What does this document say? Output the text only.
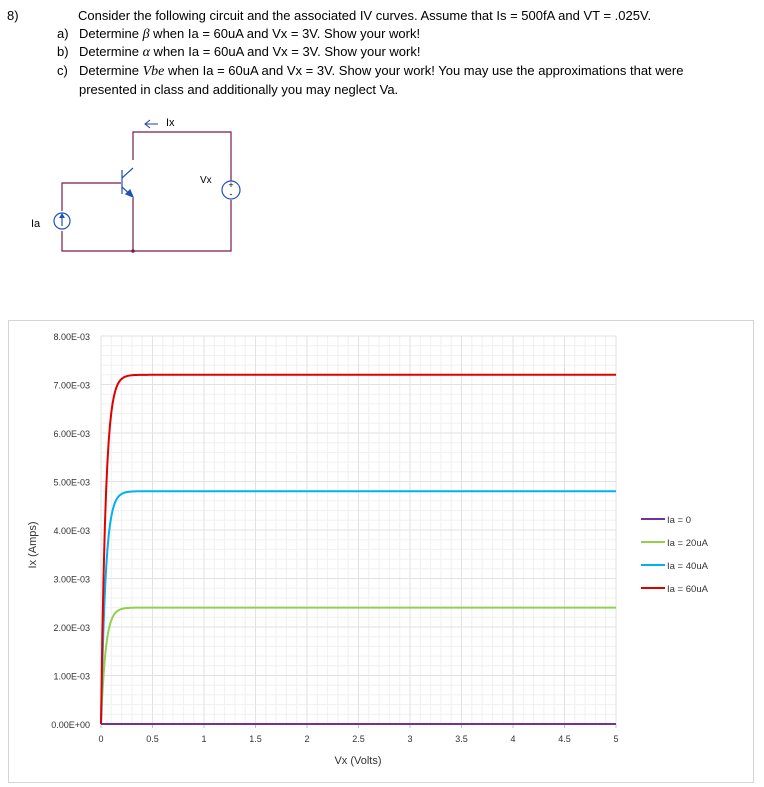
8)	Consider the following circuit and the associated IV curves. Assume that Is = 500fA and VT = .025V.
a) Determine β when Ia = 60uA and Vx = 3V. Show your work!
b) Determine α when Ia = 60uA and Vx = 3V. Show your work!
c) Determine Vbe when Ia = 60uA and Vx = 3V. Show your work! You may use the approximations that were
presented in class and additionally you may neglect Va.
+
-
Ix
Vx
Ia
0.00E+00
1.00E-03
2.00E-03
3.00E-03
4.00E-03
5.00E-03
6.00E-03
7.00E-03
8.00E-03
0	0.5	1	1.5	2	2.5	3	3.5	4	4.5	5
Ia = 0
Ia = 20uA
Ia = 40uA
Ia = 60uA
Vx (Volts)
Ix (Amps)
